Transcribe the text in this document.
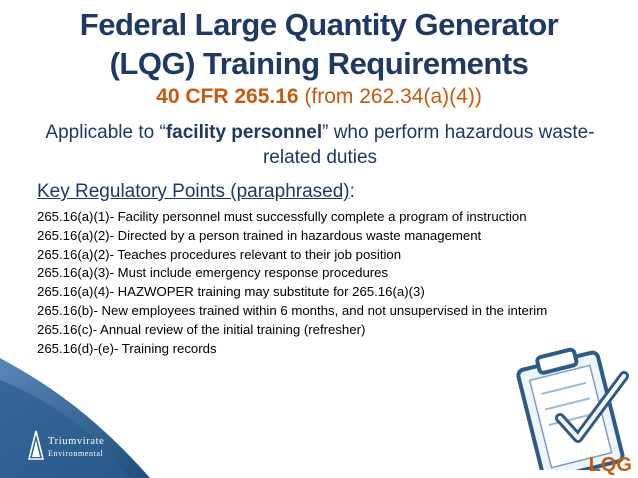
Federal Large Quantity Generator
(LQG) Training Requirements
40 CFR 265.16 (from 262.34(a)(4))
Applicable to “facility personnel” who perform hazardous waste-related duties
Key Regulatory Points (paraphrased):
265.16(a)(1)- Facility personnel must successfully complete a program of instruction
265.16(a)(2)- Directed by a person trained in hazardous waste management
265.16(a)(2)- Teaches procedures relevant to their job position
265.16(a)(3)- Must include emergency response procedures
265.16(a)(4)- HAZWOPER training may substitute for 265.16(a)(3)
265.16(b)- New employees trained within 6 months, and not unsupervised in the interim
265.16(c)- Annual review of the initial training (refresher)
265.16(d)-(e)- Training records
Triumvirate
Environmental
LQG
